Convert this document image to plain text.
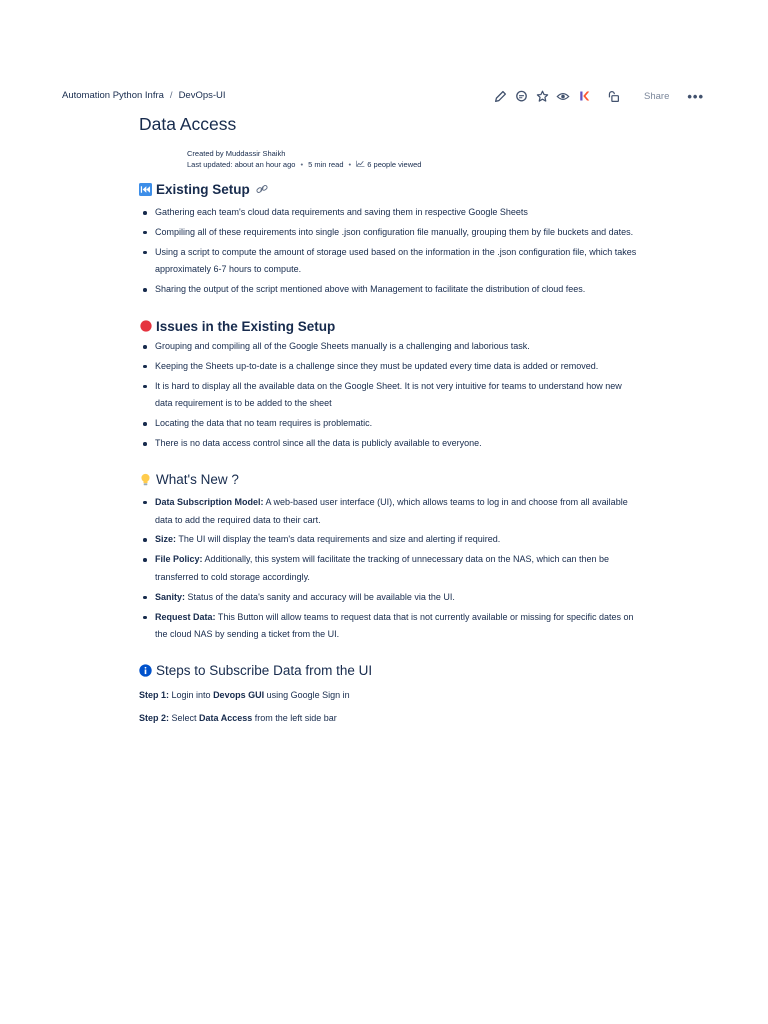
Automation Python Infra / DevOps-UI	Share •••
Data Access
Created by Muddassir Shaikh
Last updated: about an hour ago • 5 min read • 6 people viewed
Existing Setup
Gathering each team's cloud data requirements and saving them in respective Google Sheets
Compiling all of these requirements into single .json configuration file manually, grouping them by file buckets and dates.
Using a script to compute the amount of storage used based on the information in the .json configuration file, which takes approximately 6-7 hours to compute.
Sharing the output of the script mentioned above with Management to facilitate the distribution of cloud fees.
Issues in the Existing Setup
Grouping and compiling all of the Google Sheets manually is a challenging and laborious task.
Keeping the Sheets up-to-date is a challenge since they must be updated every time data is added or removed.
It is hard to display all the available data on the Google Sheet. It is not very intuitive for teams to understand how new data requirement is to be added to the sheet
Locating the data that no team requires is problematic.
There is no data access control since all the data is publicly available to everyone.
What's New ?
Data Subscription Model: A web-based user interface (UI), which allows teams to log in and choose from all available data to add the required data to their cart.
Size: The UI will display the team's data requirements and size and alerting if required.
File Policy: Additionally, this system will facilitate the tracking of unnecessary data on the NAS, which can then be transferred to cold storage accordingly.
Sanity: Status of the data's sanity and accuracy will be available via the UI.
Request Data: This Button will allow teams to request data that is not currently available or missing for specific dates on the cloud NAS by sending a ticket from the UI.
Steps to Subscribe Data from the UI

Step 1: Login into Devops GUI using Google Sign in

Step 2: Select Data Access from the left side bar
